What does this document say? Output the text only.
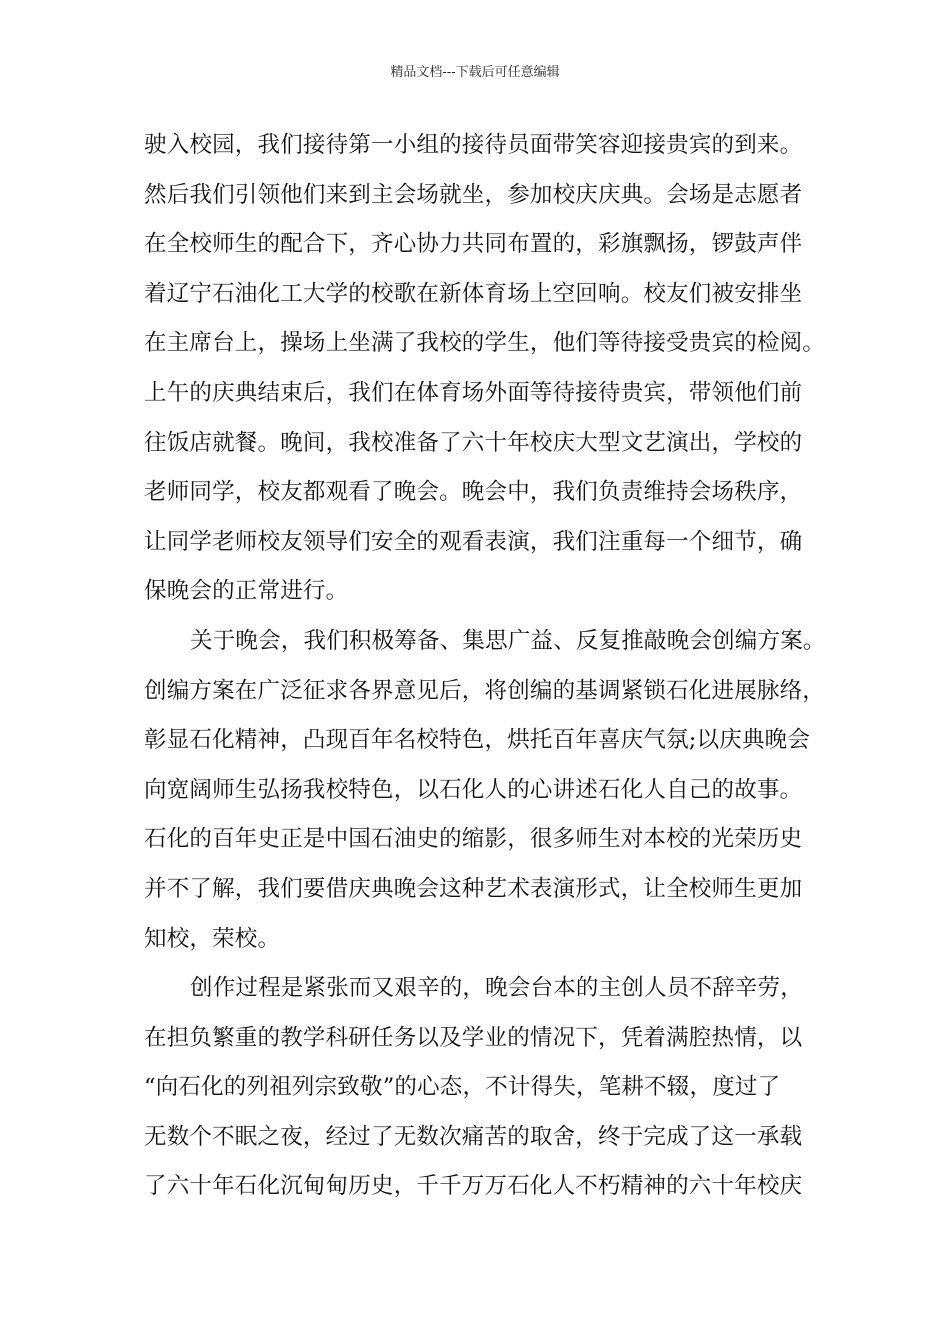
精品文档---下载后可任意编辑
驶入校园，我们接待第一小组的接待员面带笑容迎接贵宾的到来。
然后我们引领他们来到主会场就坐，参加校庆庆典。会场是志愿者
在全校师生的配合下，齐心协力共同布置的，彩旗飘扬，锣鼓声伴
着辽宁石油化工大学的校歌在新体育场上空回响。校友们被安排坐
在主席台上，操场上坐满了我校的学生，他们等待接受贵宾的检阅。
上午的庆典结束后，我们在体育场外面等待接待贵宾，带领他们前
往饭店就餐。晚间，我校准备了六十年校庆大型文艺演出，学校的
老师同学，校友都观看了晚会。晚会中，我们负责维持会场秩序，
让同学老师校友领导们安全的观看表演，我们注重每一个细节，确
保晚会的正常进行。
关于晚会，我们积极筹备、集思广益、反复推敲晚会创编方案。
创编方案在广泛征求各界意见后，将创编的基调紧锁石化进展脉络，
彰显石化精神，凸现百年名校特色，烘托百年喜庆气氛;以庆典晚会
向宽阔师生弘扬我校特色，以石化人的心讲述石化人自己的故事。
石化的百年史正是中国石油史的缩影，很多师生对本校的光荣历史
并不了解，我们要借庆典晚会这种艺术表演形式，让全校师生更加
知校，荣校。
创作过程是紧张而又艰辛的，晚会台本的主创人员不辞辛劳，
在担负繁重的教学科研任务以及学业的情况下，凭着满腔热情，以
“向石化的列祖列宗致敬”的心态，不计得失，笔耕不辍，度过了
无数个不眠之夜，经过了无数次痛苦的取舍，终于完成了这一承载
了六十年石化沉甸甸历史，千千万万石化人不朽精神的六十年校庆
